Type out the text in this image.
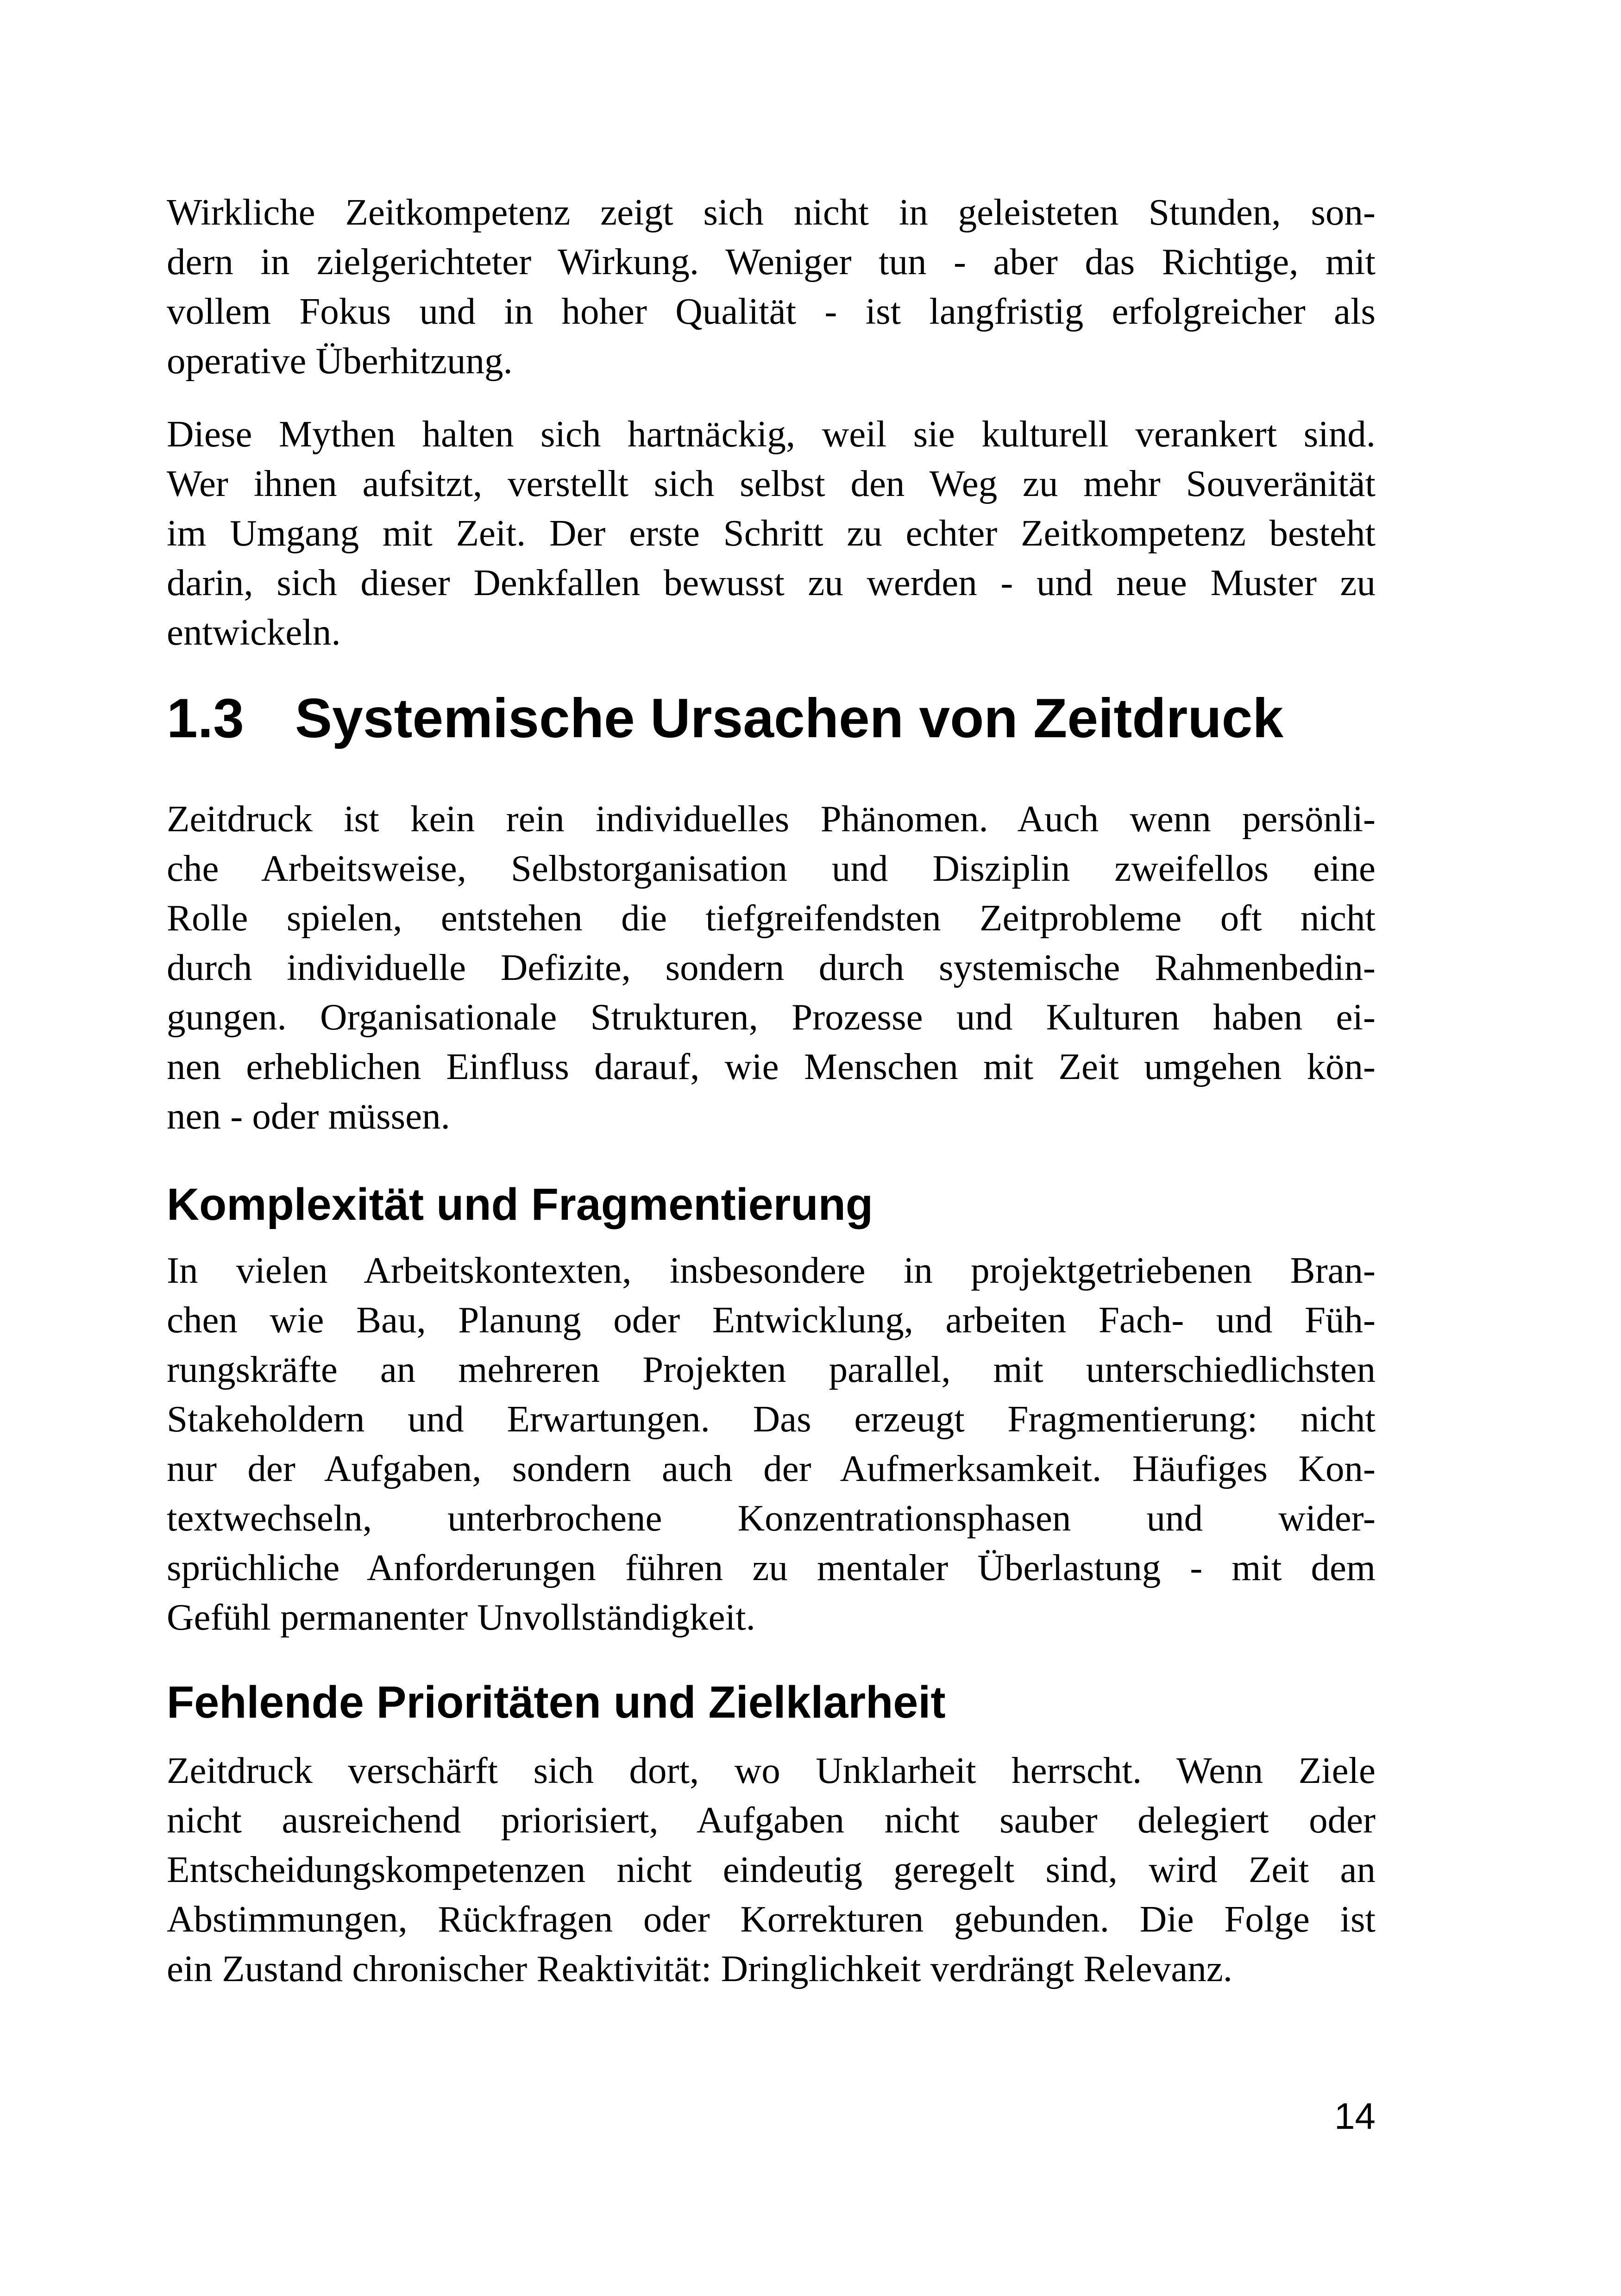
Wirkliche Zeitkompetenz zeigt sich nicht in geleisteten Stunden, son-
dern in zielgerichteter Wirkung. Weniger tun - aber das Richtige, mit
vollem Fokus und in hoher Qualität - ist langfristig erfolgreicher als
operative Überhitzung.
Diese Mythen halten sich hartnäckig, weil sie kulturell verankert sind.
Wer ihnen aufsitzt, verstellt sich selbst den Weg zu mehr Souveränität
im Umgang mit Zeit. Der erste Schritt zu echter Zeitkompetenz besteht
darin, sich dieser Denkfallen bewusst zu werden - und neue Muster zu
entwickeln.
1.3 Systemische Ursachen von Zeitdruck
Zeitdruck ist kein rein individuelles Phänomen. Auch wenn persönli-
che Arbeitsweise, Selbstorganisation und Disziplin zweifellos eine
Rolle spielen, entstehen die tiefgreifendsten Zeitprobleme oft nicht
durch individuelle Defizite, sondern durch systemische Rahmenbedin-
gungen. Organisationale Strukturen, Prozesse und Kulturen haben ei-
nen erheblichen Einfluss darauf, wie Menschen mit Zeit umgehen kön-
nen - oder müssen.
Komplexität und Fragmentierung
In vielen Arbeitskontexten, insbesondere in projektgetriebenen Bran-
chen wie Bau, Planung oder Entwicklung, arbeiten Fach- und Füh-
rungskräfte an mehreren Projekten parallel, mit unterschiedlichsten
Stakeholdern und Erwartungen. Das erzeugt Fragmentierung: nicht
nur der Aufgaben, sondern auch der Aufmerksamkeit. Häufiges Kon-
textwechseln, unterbrochene Konzentrationsphasen und wider-
sprüchliche Anforderungen führen zu mentaler Überlastung - mit dem
Gefühl permanenter Unvollständigkeit.
Fehlende Prioritäten und Zielklarheit
Zeitdruck verschärft sich dort, wo Unklarheit herrscht. Wenn Ziele
nicht ausreichend priorisiert, Aufgaben nicht sauber delegiert oder
Entscheidungskompetenzen nicht eindeutig geregelt sind, wird Zeit an
Abstimmungen, Rückfragen oder Korrekturen gebunden. Die Folge ist
ein Zustand chronischer Reaktivität: Dringlichkeit verdrängt Relevanz.
14
